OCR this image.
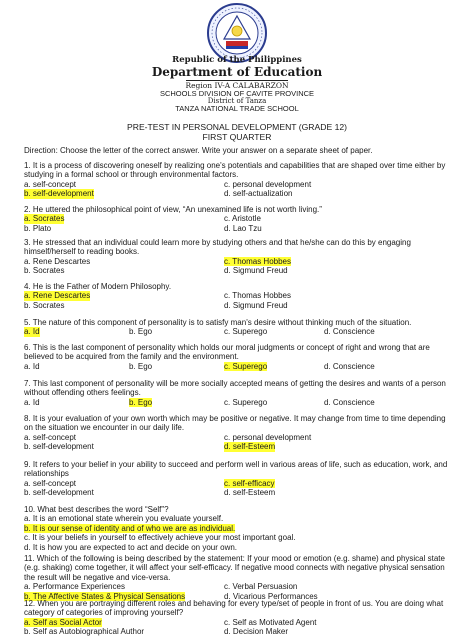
Republic of the Philippines
Department of Education
Region IV-A CALABARZON
SCHOOLS DIVISION OF CAVITE PROVINCE
District of Tanza
TANZA NATIONAL TRADE SCHOOL
PRE-TEST IN PERSONAL DEVELOPMENT (GRADE 12)
FIRST QUARTER
Direction: Choose the letter of the correct answer. Write your answer on a separate sheet of paper.

1. It is a process of discovering oneself by realizing one's potentials and capabilities that are shaped over time either by studying in a formal school or through environmental factors.

a. self-concept	c. personal development
b. self-development	d. self-actualization

2. He uttered the philosophical point of view, “An unexamined life is not worth living.”

a. Socrates	c. Aristotle
b. Plato	d. Lao Tzu

3. He stressed that an individual could learn more by studying others and that he/she can do this by engaging himself/herself to reading books.

a. Rene Descartes	c. Thomas Hobbes
b. Socrates	d. Sigmund Freud

4. He is the Father of Modern Philosophy.

a. Rene Descartes	c. Thomas Hobbes
b. Socrates	d. Sigmund Freud

5. The nature of this component of personality is to satisfy man's desire without thinking much of the situation.

a. Id	b. Ego	c. Superego	d. Conscience

6. This is the last component of personality which holds our moral judgments or concept of right and wrong that are believed to be acquired from the family and the environment.

a. Id	b. Ego	c. Superego	d. Conscience

7. This last component of personality will be more socially accepted means of getting the desires and wants of a person without offending others feelings.

a. Id	b. Ego	c. Superego	d. Conscience

8. It is your evaluation of your own worth which may be positive or negative. It may change from time to time depending on the situation we encounter in our daily life.

a. self-concept	c. personal development
b. self-development	d. self-Esteem

9. It refers to your belief in your ability to succeed and perform well in various areas of life, such as education, work, and relationships

a. self-concept	c. self-efficacy
b. self-development	d. self-Esteem

10. What best describes the word “Self”?

a. It is an emotional state wherein you evaluate yourself.
b. It is our sense of identity and of who we are as individual.
c. It is your beliefs in yourself to effectively achieve your most important goal.
d. It is how you are expected to act and decide on your own.

11. Which of the following is being described by the statement: If your mood or emotion (e.g. shame) and physical state (e.g. shaking) come together, it will affect your self-efficacy. If negative mood connects with negative physical sensation the result will be negative and vice-versa.

a. Performance Experiences	c. Verbal Persuasion
b. The Affective States & Physical Sensations	d. Vicarious Performances

12. When you are portraying different roles and behaving for every type/set of people in front of us. You are doing what category of categories of improving yourself?

a. Self as Social Actor	c. Self as Motivated Agent
b. Self as Autobiographical Author	d. Decision Maker
